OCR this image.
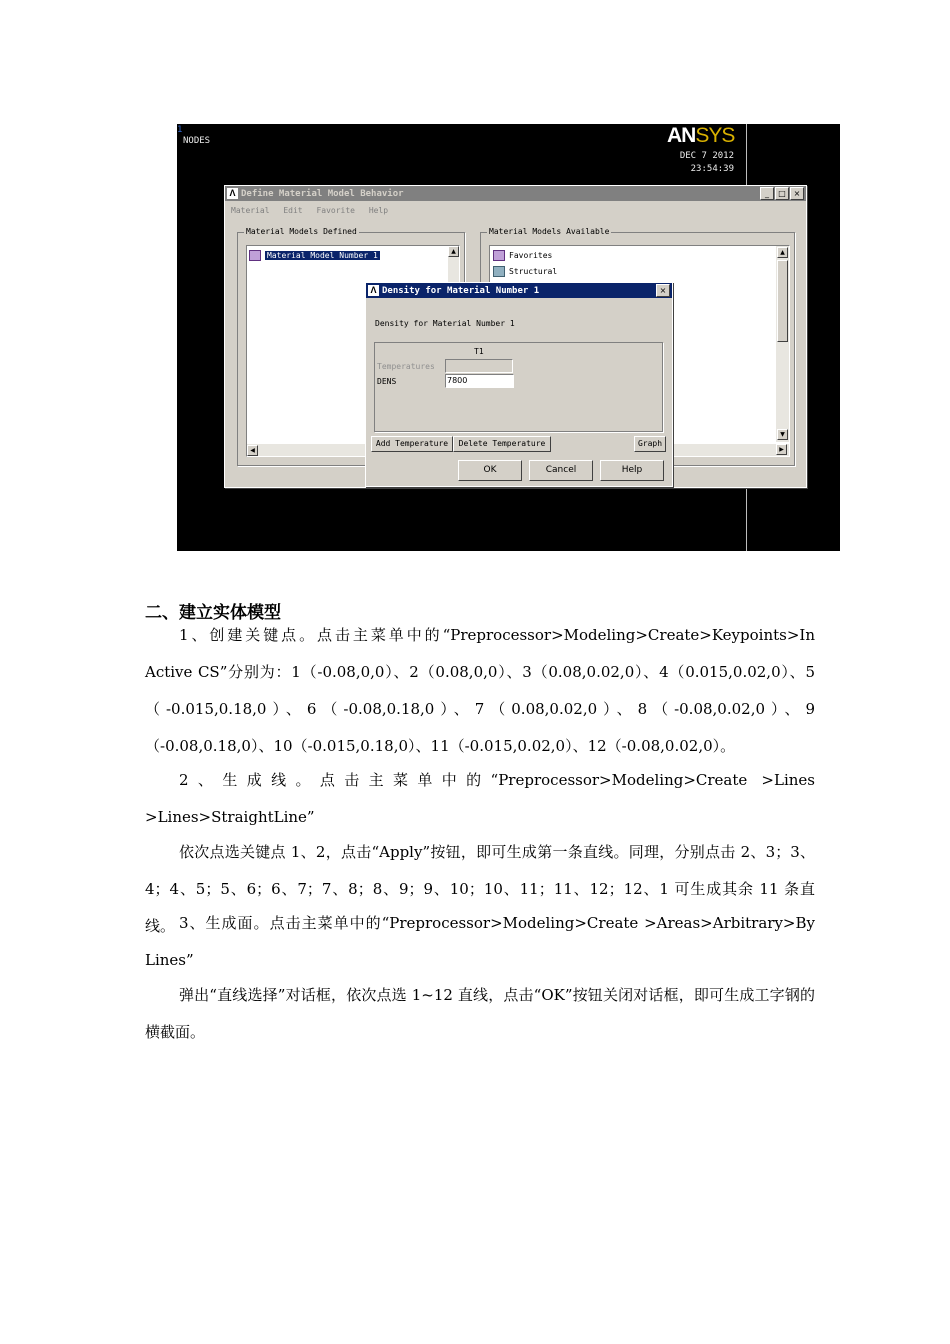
1
NODES	ANSYS
DEC 7 2012
23:54:39
Λ Define Material Model Behavior	_	□ ×
Material Edit Favorite Help
Material Models Defined
Material Model Number 1	▲
◀
Material Models Available
Favorites
Structural
▲
▼
▶
Λ Density for Material Number 1	×
Density for Material Number 1
T1
Temperatures
DENS	7800
Add Temperature	Delete Temperature	Graph
OK	Cancel	Help
二、建立实体模型
1、创建关键点。点击主菜单中的“Preprocessor>Modeling>Create>Keypoints>In Active CS”分别为：1（-0.08,0,0）、2（0.08,0,0）、3（0.08,0.02,0）、4（0.015,0.02,0）、5（-0.015,0.18,0）、6（-0.08,0.18,0）、7（0.08,0.02,0）、8（-0.08,0.02,0）、9（-0.08,0.18,0）、10（-0.015,0.18,0）、11（-0.015,0.02,0）、12（-0.08,0.02,0）。
2、生成线。点击主菜单中的“Preprocessor>Modeling>Create >Lines >Lines>StraightLine”
依次点选关键点 1、2，点击“Apply”按钮，即可生成第一条直线。同理，分别点击 2、3；3、4；4、5；5、6；6、7；7、8；8、9；9、10；10、11；11、12；12、1 可生成其余 11 条直线。 3、生成面。点击主菜单中的“Preprocessor>Modeling>Create >Areas>Arbitrary>By Lines”
弹出“直线选择”对话框，依次点选 1~12 直线，点击“OK”按钮关闭对话框，即可生成工字钢的横截面。
